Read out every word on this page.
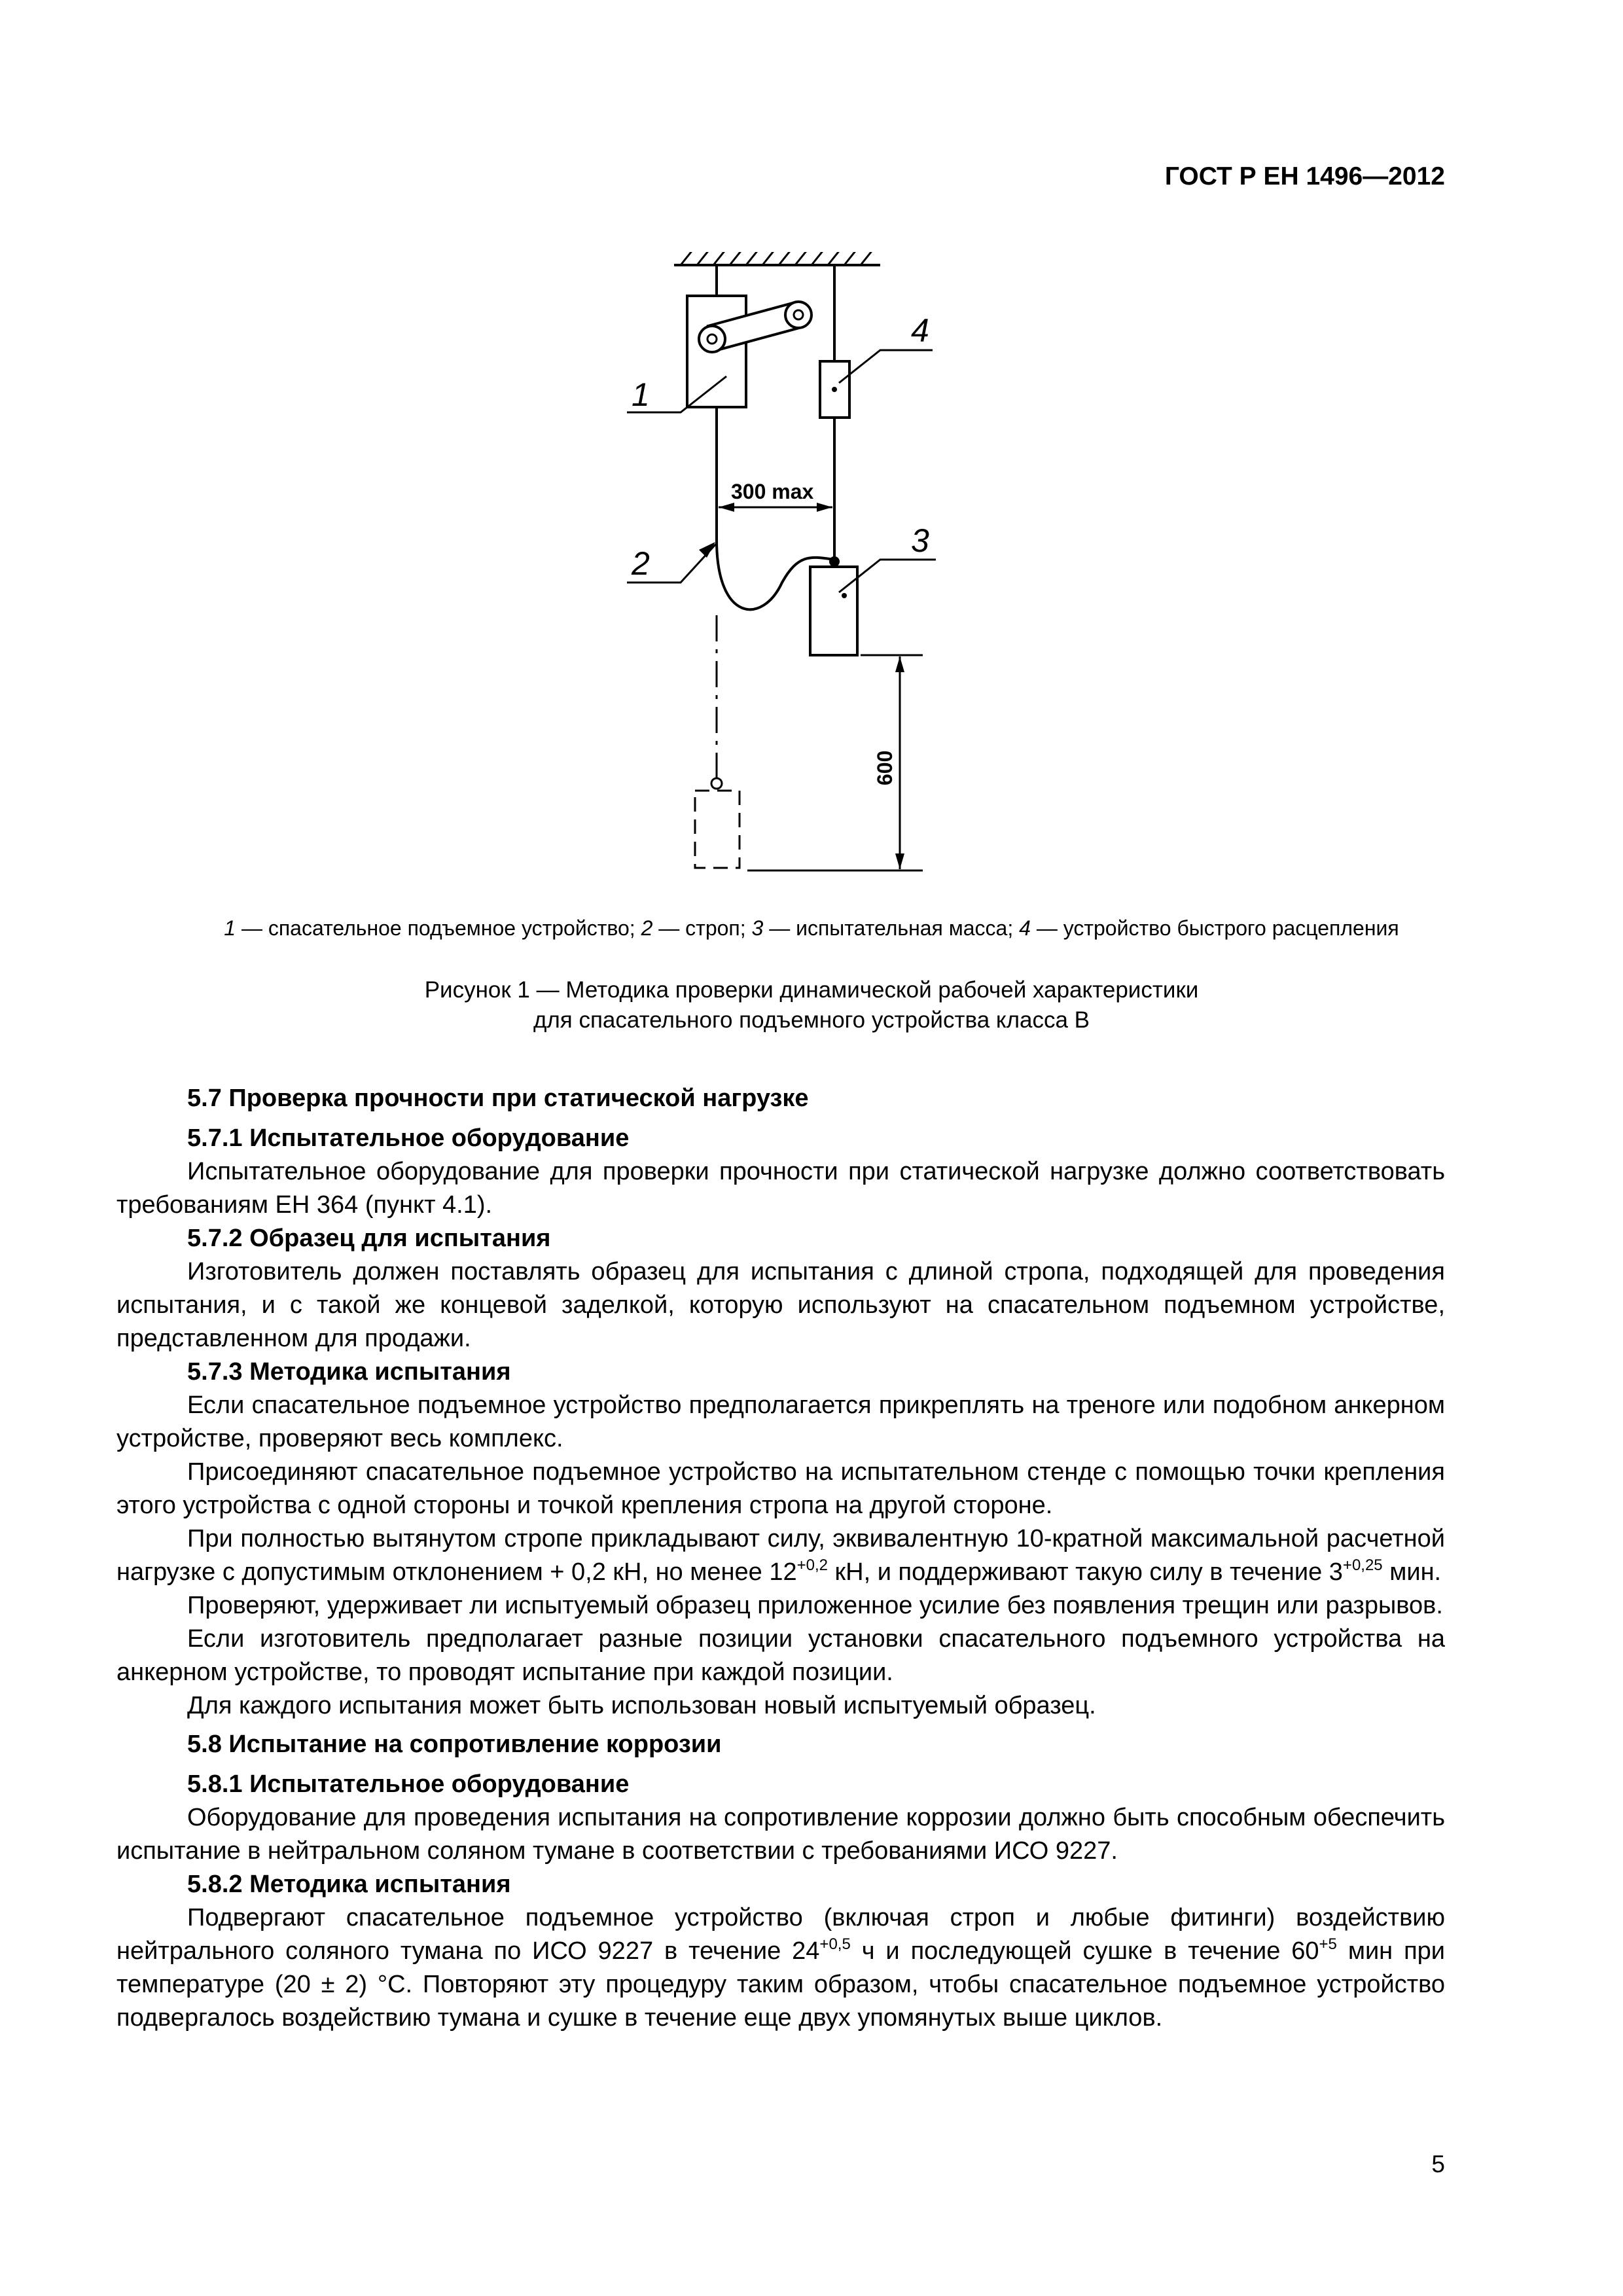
ГОСТ Р ЕН 1496—2012
300 max
600
1
4
2
3
1 — спасательное подъемное устройство; 2 — строп; 3 — испытательная масса; 4 — устройство быстрого расцепления
Рисунок 1 — Методика проверки динамической рабочей характеристики
для спасательного подъемного устройства класса В
5.7 Проверка прочности при статической нагрузке
5.7.1 Испытательное оборудование
Испытательное оборудование для проверки прочности при статической нагрузке должно соответствовать требованиям ЕН 364 (пункт 4.1).
5.7.2 Образец для испытания
Изготовитель должен поставлять образец для испытания с длиной стропа, подходящей для проведения испытания, и с такой же концевой заделкой, которую используют на спасательном подъемном устройстве, представленном для продажи.
5.7.3 Методика испытания
Если спасательное подъемное устройство предполагается прикреплять на треноге или подобном анкерном устройстве, проверяют весь комплекс.
Присоединяют спасательное подъемное устройство на испытательном стенде с помощью точки крепления этого устройства с одной стороны и точкой крепления стропа на другой стороне.
При полностью вытянутом стропе прикладывают силу, эквивалентную 10-кратной максимальной расчетной нагрузке с допустимым отклонением + 0,2 кН, но менее $12^{+0,2}$ кН, и поддерживают такую силу в течение $3^{+0,25}$ мин.
Проверяют, удерживает ли испытуемый образец приложенное усилие без появления трещин или разрывов.
Если изготовитель предполагает разные позиции установки спасательного подъемного устройства на анкерном устройстве, то проводят испытание при каждой позиции.
Для каждого испытания может быть использован новый испытуемый образец.
5.8 Испытание на сопротивление коррозии
5.8.1 Испытательное оборудование
Оборудование для проведения испытания на сопротивление коррозии должно быть способным обеспечить испытание в нейтральном соляном тумане в соответствии с требованиями ИСО 9227.
5.8.2 Методика испытания
Подвергают спасательное подъемное устройство (включая строп и любые фитинги) воздействию нейтрального соляного тумана по ИСО 9227 в течение $24^{+0,5}$ ч и последующей сушке в течение $60^{+5}$ мин при температуре (20 ± 2) °С. Повторяют эту процедуру таким образом, чтобы спасательное подъемное устройство подвергалось воздействию тумана и сушке в течение еще двух упомянутых выше циклов.
5
